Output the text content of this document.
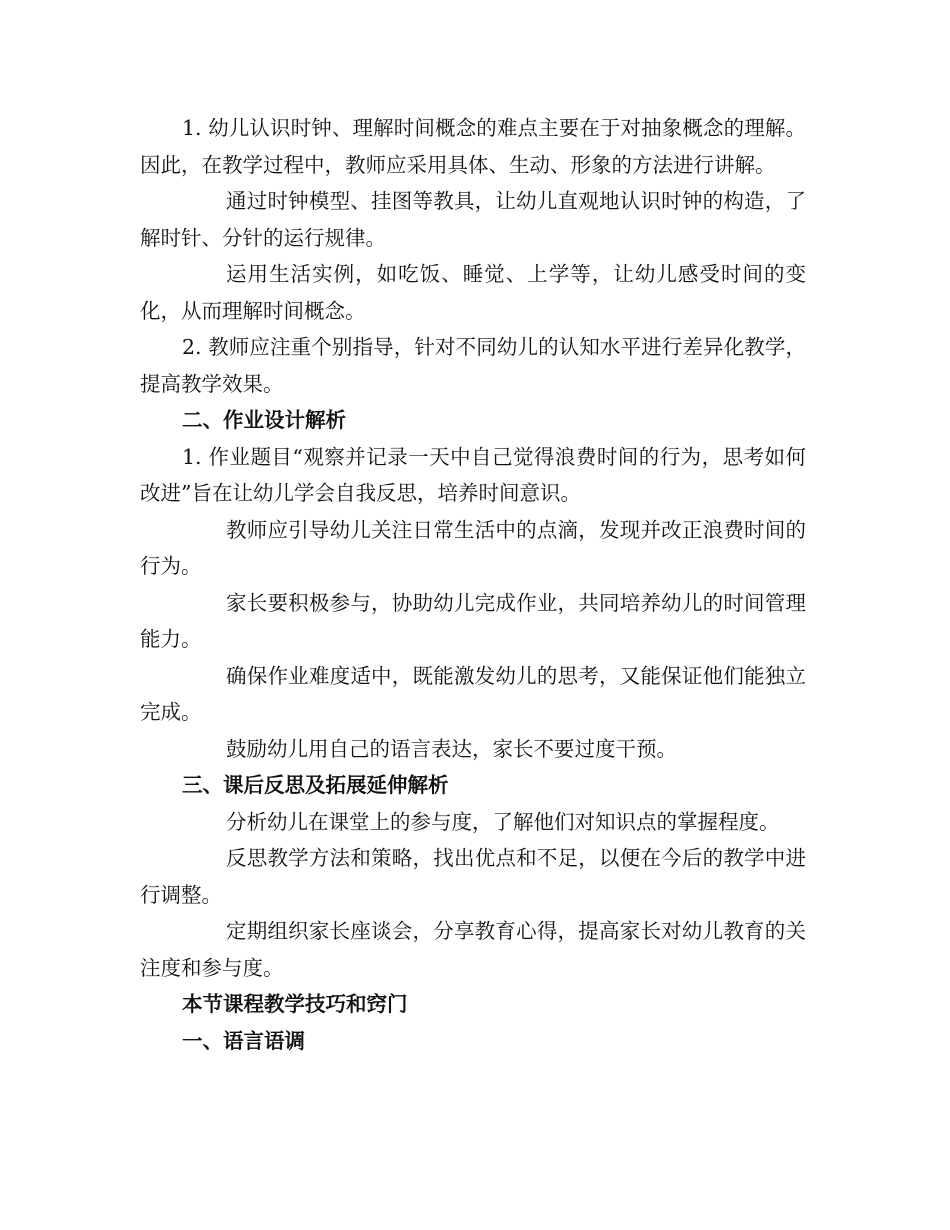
1. 幼儿认识时钟、理解时间概念的难点主要在于对抽象概念的理解。因此，在教学过程中，教师应采用具体、生动、形象的方法进行讲解。

通过时钟模型、挂图等教具，让幼儿直观地认识时钟的构造，了解时针、分针的运行规律。

运用生活实例，如吃饭、睡觉、上学等，让幼儿感受时间的变化，从而理解时间概念。

2. 教师应注重个别指导，针对不同幼儿的认知水平进行差异化教学，提高教学效果。

二、作业设计解析

1. 作业题目“观察并记录一天中自己觉得浪费时间的行为，思考如何改进”旨在让幼儿学会自我反思，培养时间意识。

教师应引导幼儿关注日常生活中的点滴，发现并改正浪费时间的行为。

家长要积极参与，协助幼儿完成作业，共同培养幼儿的时间管理能力。

确保作业难度适中，既能激发幼儿的思考，又能保证他们能独立完成。

鼓励幼儿用自己的语言表达，家长不要过度干预。

三、课后反思及拓展延伸解析

分析幼儿在课堂上的参与度，了解他们对知识点的掌握程度。

反思教学方法和策略，找出优点和不足，以便在今后的教学中进行调整。

定期组织家长座谈会，分享教育心得，提高家长对幼儿教育的关注度和参与度。

本节课程教学技巧和窍门

一、语言语调
